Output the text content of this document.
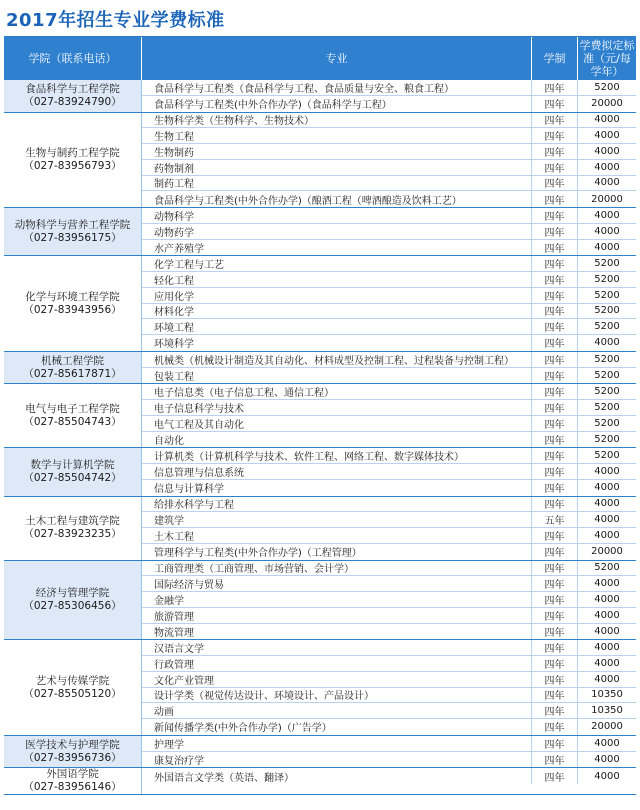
2017年招生专业学费标准
学院（联系电话）	专业	学制
学费拟定标准（元/每学年）
食品科学与工程学院
（027-83924790）
食品科学与工程类（食品科学与工程、食品质量与安全、粮食工程）	四年	5200
食品科学与工程类(中外合作办学)（食品科学与工程）	四年	20000
生物与制药工程学院
（027-83956793）
生物科学类（生物科学、生物技术）	四年	4000
生物工程	四年	4000
生物制药	四年	4000
药物制剂	四年	4000
制药工程	四年	4000
食品科学与工程类(中外合作办学)（酿酒工程（啤酒酿造及饮料工艺）	四年	20000
动物科学与营养工程学院
（027-83956175）
动物科学	四年	4000
动物药学	四年	4000
水产养殖学	四年	4000
化学与环境工程学院
（027-83943956）
化学工程与工艺	四年	5200
轻化工程	四年	5200
应用化学	四年	5200
材料化学	四年	5200
环境工程	四年	5200
环境科学	四年	4000
机械工程学院
（027-85617871）
机械类（机械设计制造及其自动化、材料成型及控制工程、过程装备与控制工程）	四年	5200
包装工程	四年	5200
电气与电子工程学院
（027-85504743）
电子信息类（电子信息工程、通信工程）	四年	5200
电子信息科学与技术	四年	5200
电气工程及其自动化	四年	5200
自动化	四年	5200
数学与计算机学院
（027-85504742）
计算机类（计算机科学与技术、软件工程、网络工程、数字媒体技术）	四年	5200
信息管理与信息系统	四年	4000
信息与计算科学	四年	4000
土木工程与建筑学院
（027-83923235）
给排水科学与工程	四年	4000
建筑学	五年	4000
土木工程	四年	4000
管理科学与工程类(中外合作办学)（工程管理）	四年	20000
经济与管理学院
（027-85306456）
工商管理类（工商管理、市场营销、会计学）	四年	5200
国际经济与贸易	四年	4000
金融学	四年	4000
旅游管理	四年	4000
物流管理	四年	4000
艺术与传媒学院
（027-85505120）
汉语言文学	四年	4000
行政管理	四年	4000
文化产业管理	四年	4000
设计学类（视觉传达设计、环境设计、产品设计）	四年	10350
动画	四年	10350
新闻传播学类(中外合作办学)（广告学）	四年	20000
医学技术与护理学院
（027-83956736）
护理学	四年	4000
康复治疗学	四年	4000
外国语学院
（027-83956146）
外国语言文学类（英语、翻译）	四年	4000
